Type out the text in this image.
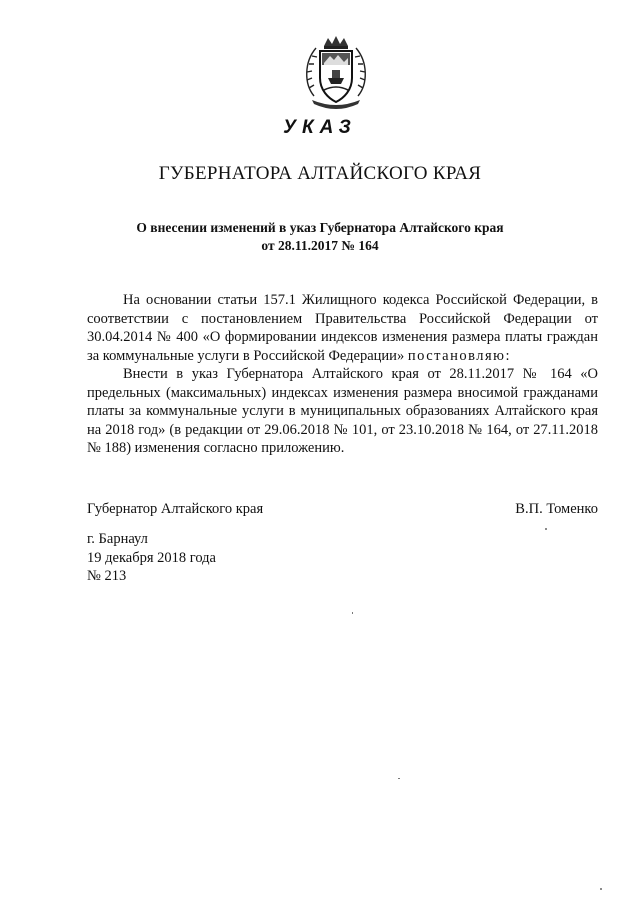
УКАЗ
ГУБЕРНАТОРА АЛТАЙСКОГО КРАЯ
О внесении изменений в указ Губернатора Алтайского края
от 28.11.2017 № 164

На основании статьи 157.1 Жилищного кодекса Российской Федерации, в соответствии с постановлением Правительства Российской Федерации от 30.04.2014 № 400 «О формировании индексов изменения размера платы граждан за коммунальные услуги в Российской Федерации» постановляю:

Внести в указ Губернатора Алтайского края от 28.11.2017 № 164 «О предельных (максимальных) индексах изменения размера вносимой гражданами платы за коммунальные услуги в муниципальных образованиях Алтайского края на 2018 год» (в редакции от 29.06.2018 № 101, от 23.10.2018 № 164, от 27.11.2018 № 188) изменения согласно приложению.

Губернатор Алтайского края	В.П. Томенко
г. Барнаул
19 декабря 2018 года
№ 213
